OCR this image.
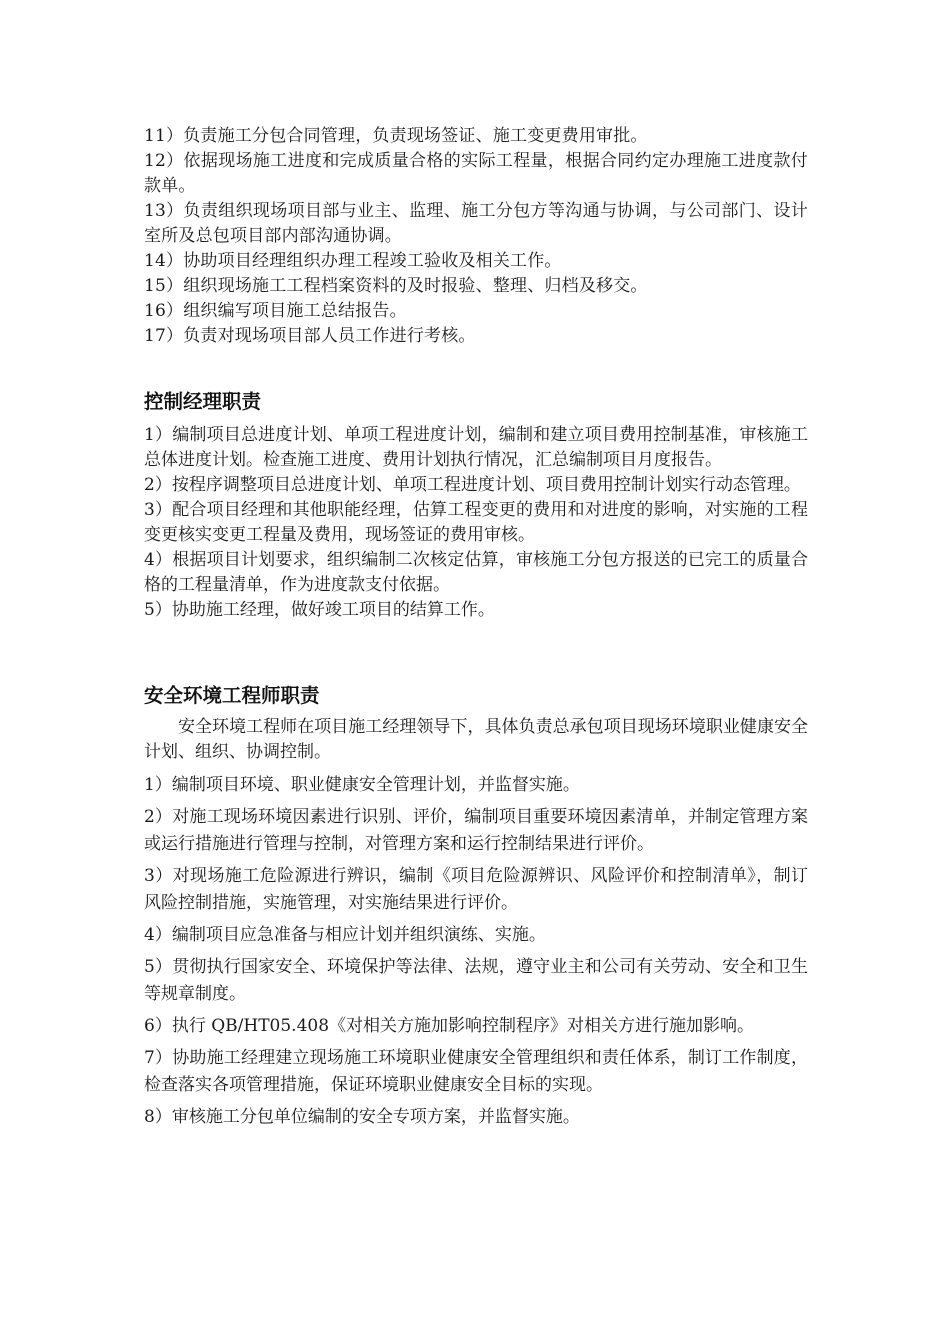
11）负责施工分包合同管理，负责现场签证、施工变更费用审批。

12）依据现场施工进度和完成质量合格的实际工程量，根据合同约定办理施工进度款付款单。

13）负责组织现场项目部与业主、监理、施工分包方等沟通与协调，与公司部门、设计室所及总包项目部内部沟通协调。

14）协助项目经理组织办理工程竣工验收及相关工作。

15）组织现场施工工程档案资料的及时报验、整理、归档及移交。

16）组织编写项目施工总结报告。

17）负责对现场项目部人员工作进行考核。

控制经理职责

1）编制项目总进度计划、单项工程进度计划，编制和建立项目费用控制基准，审核施工总体进度计划。检查施工进度、费用计划执行情况，汇总编制项目月度报告。

2）按程序调整项目总进度计划、单项工程进度计划、项目费用控制计划实行动态管理。

3）配合项目经理和其他职能经理，估算工程变更的费用和对进度的影响，对实施的工程变更核实变更工程量及费用，现场签证的费用审核。

4）根据项目计划要求，组织编制二次核定估算，审核施工分包方报送的已完工的质量合格的工程量清单，作为进度款支付依据。

5）协助施工经理，做好竣工项目的结算工作。

安全环境工程师职责

安全环境工程师在项目施工经理领导下，具体负责总承包项目现场环境职业健康安全计划、组织、协调控制。

1）编制项目环境、职业健康安全管理计划，并监督实施。

2）对施工现场环境因素进行识别、评价，编制项目重要环境因素清单，并制定管理方案或运行措施进行管理与控制，对管理方案和运行控制结果进行评价。

3）对现场施工危险源进行辨识，编制《项目危险源辨识、风险评价和控制清单》，制订风险控制措施，实施管理，对实施结果进行评价。

4）编制项目应急准备与相应计划并组织演练、实施。

5）贯彻执行国家安全、环境保护等法律、法规，遵守业主和公司有关劳动、安全和卫生等规章制度。

6）执行 QB/HT05.408《对相关方施加影响控制程序》对相关方进行施加影响。

7）协助施工经理建立现场施工环境职业健康安全管理组织和责任体系，制订工作制度，检查落实各项管理措施，保证环境职业健康安全目标的实现。

8）审核施工分包单位编制的安全专项方案，并监督实施。
